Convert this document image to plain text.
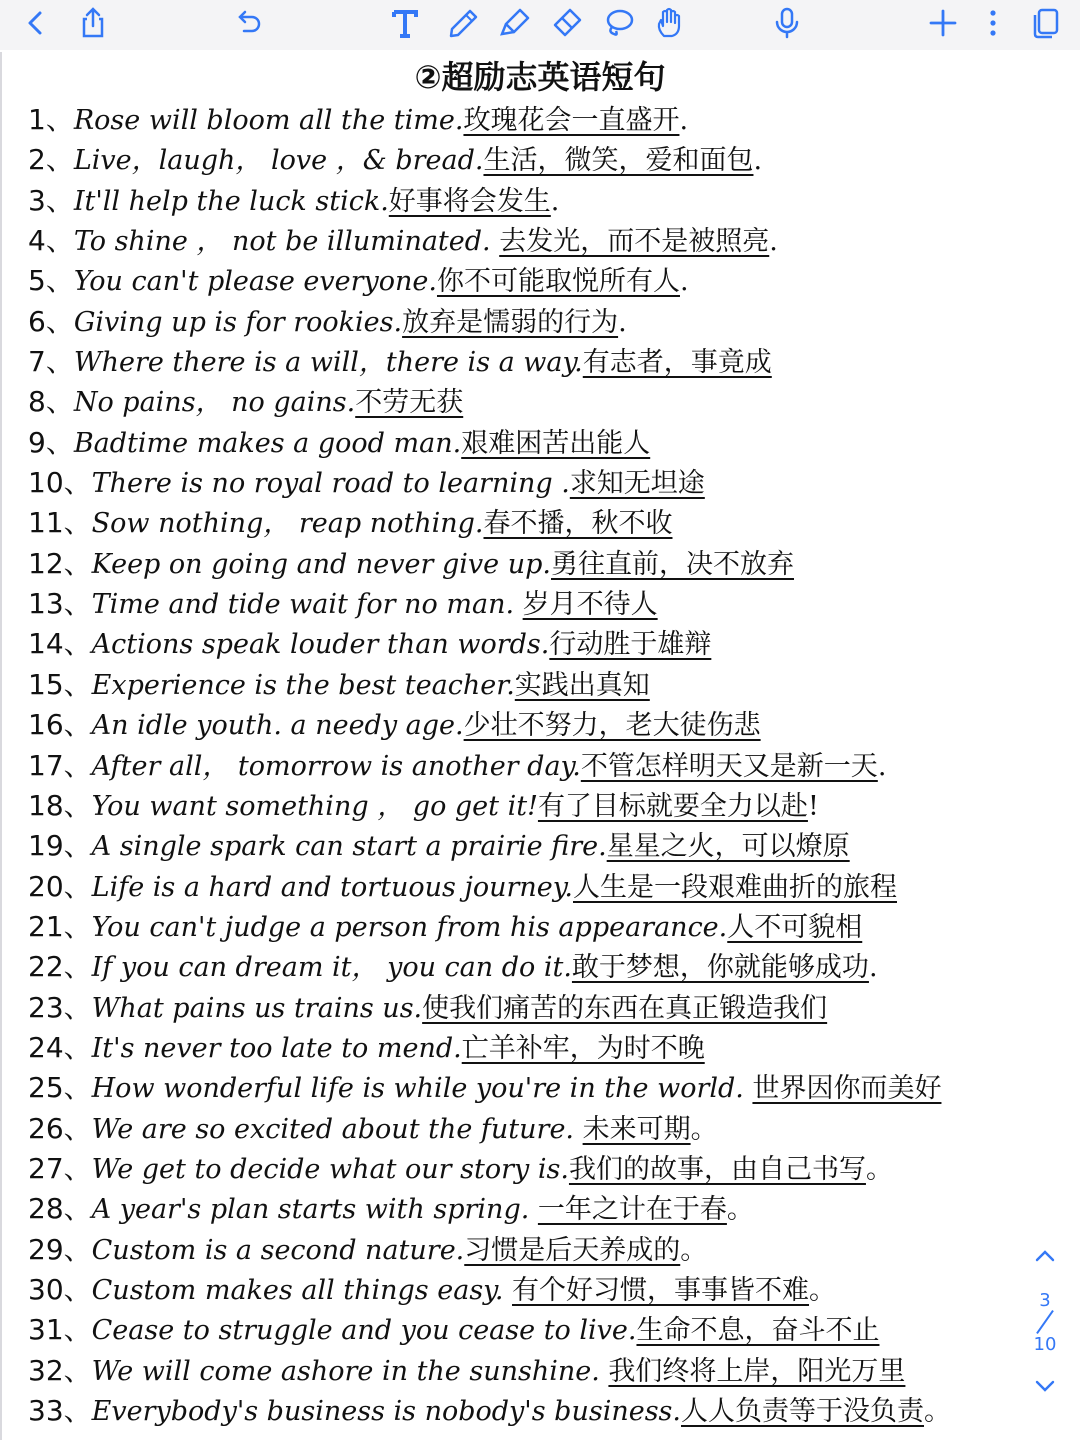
②超励志英语短句
1、Rose will bloom all the time.玫瑰花会一直盛开.
2、Live，laugh， love ，& bread.生活，微笑，爱和面包.
3、It'll help the luck stick.好事将会发生.
4、To shine ， not be illuminated. 去发光，而不是被照亮.
5、You can't please everyone.你不可能取悦所有人.
6、Giving up is for rookies.放弃是懦弱的行为.
7、Where there is a will，there is a way.有志者，事竟成
8、No pains， no gains.不劳无获
9、Badtime makes a good man.艰难困苦出能人
10、There is no royal road to learning .求知无坦途
11、Sow nothing， reap nothing.春不播，秋不收
12、Keep on going and never give up.勇往直前，决不放弃
13、Time and tide wait for no man. 岁月不待人
14、Actions speak louder than words.行动胜于雄辩
15、Experience is the best teacher.实践出真知
16、An idle youth. a needy age.少壮不努力，老大徒伤悲
17、After all， tomorrow is another day.不管怎样明天又是新一天.
18、You want something ， go get it!有了目标就要全力以赴!
19、A single spark can start a prairie fire.星星之火，可以燎原
20、Life is a hard and tortuous journey.人生是一段艰难曲折的旅程
21、You can't judge a person from his appearance.人不可貌相
22、If you can dream it， you can do it.敢于梦想，你就能够成功.
23、What pains us trains us.使我们痛苦的东西在真正锻造我们
24、It's never too late to mend.亡羊补牢，为时不晚
25、How wonderful life is while you're in the world. 世界因你而美好
26、We are so excited about the future. 未来可期。
27、We get to decide what our story is.我们的故事，由自己书写。
28、A year's plan starts with spring. 一年之计在于春。
29、Custom is a second nature.习惯是后天养成的。
30、Custom makes all things easy. 有个好习惯，事事皆不难。
31、Cease to struggle and you cease to live.生命不息，奋斗不止
32、We will come ashore in the sunshine. 我们终将上岸，阳光万里
33、Everybody's business is nobody's business.人人负责等于没负责。
3
10
